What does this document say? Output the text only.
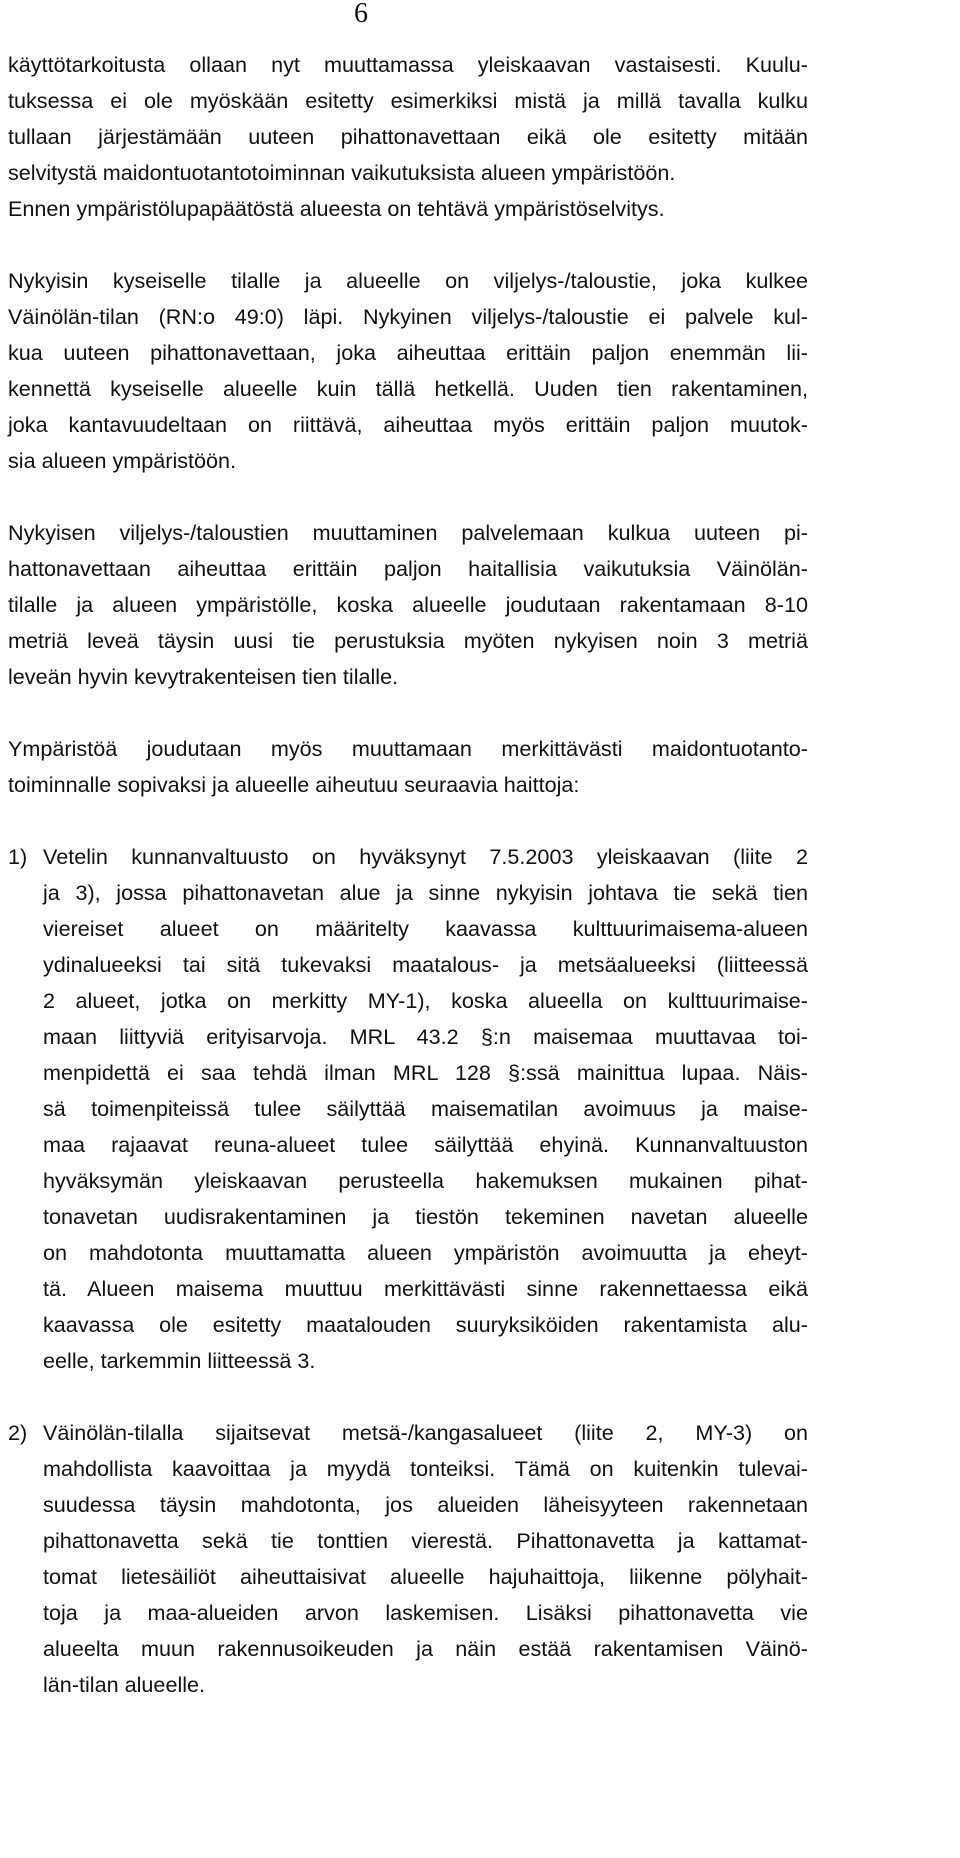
6
käyttötarkoitusta ollaan nyt muuttamassa yleiskaavan vastaisesti. Kuulu-
tuksessa ei ole myöskään esitetty esimerkiksi mistä ja millä tavalla kulku
tullaan järjestämään uuteen pihattonavettaan eikä ole esitetty mitään
selvitystä maidontuotantotoiminnan vaikutuksista alueen ympäristöön.
Ennen ympäristölupapäätöstä alueesta on tehtävä ympäristöselvitys.
Nykyisin kyseiselle tilalle ja alueelle on viljelys-/taloustie, joka kulkee
Väinölän-tilan (RN:o 49:0) läpi. Nykyinen viljelys-/taloustie ei palvele kul-
kua uuteen pihattonavettaan, joka aiheuttaa erittäin paljon enemmän lii-
kennettä kyseiselle alueelle kuin tällä hetkellä. Uuden tien rakentaminen,
joka kantavuudeltaan on riittävä, aiheuttaa myös erittäin paljon muutok-
sia alueen ympäristöön.
Nykyisen viljelys-/taloustien muuttaminen palvelemaan kulkua uuteen pi-
hattonavettaan aiheuttaa erittäin paljon haitallisia vaikutuksia Väinölän-
tilalle ja alueen ympäristölle, koska alueelle joudutaan rakentamaan 8-10
metriä leveä täysin uusi tie perustuksia myöten nykyisen noin 3 metriä
leveän hyvin kevytrakenteisen tien tilalle.
Ympäristöä joudutaan myös muuttamaan merkittävästi maidontuotanto-
toiminnalle sopivaksi ja alueelle aiheutuu seuraavia haittoja:
1) Vetelin kunnanvaltuusto on hyväksynyt 7.5.2003 yleiskaavan (liite 2
ja 3), jossa pihattonavetan alue ja sinne nykyisin johtava tie sekä tien
viereiset alueet on määritelty kaavassa kulttuurimaisema-alueen
ydinalueeksi tai sitä tukevaksi maatalous- ja metsäalueeksi (liitteessä
2 alueet, jotka on merkitty MY-1), koska alueella on kulttuurimaise-
maan liittyviä erityisarvoja. MRL 43.2 §:n maisemaa muuttavaa toi-
menpidettä ei saa tehdä ilman MRL 128 §:ssä mainittua lupaa. Näis-
sä toimenpiteissä tulee säilyttää maisematilan avoimuus ja maise-
maa rajaavat reuna-alueet tulee säilyttää ehyinä. Kunnanvaltuuston
hyväksymän yleiskaavan perusteella hakemuksen mukainen pihat-
tonavetan uudisrakentaminen ja tiestön tekeminen navetan alueelle
on mahdotonta muuttamatta alueen ympäristön avoimuutta ja eheyt-
tä. Alueen maisema muuttuu merkittävästi sinne rakennettaessa eikä
kaavassa ole esitetty maatalouden suuryksiköiden rakentamista alu-
eelle, tarkemmin liitteessä 3.
2) Väinölän-tilalla sijaitsevat metsä-/kangasalueet (liite 2, MY-3) on
mahdollista kaavoittaa ja myydä tonteiksi. Tämä on kuitenkin tulevai-
suudessa täysin mahdotonta, jos alueiden läheisyyteen rakennetaan
pihattonavetta sekä tie tonttien vierestä. Pihattonavetta ja kattamat-
tomat lietesäiliöt aiheuttaisivat alueelle hajuhaittoja, liikenne pölyhait-
toja ja maa-alueiden arvon laskemisen. Lisäksi pihattonavetta vie
alueelta muun rakennusoikeuden ja näin estää rakentamisen Väinö-
län-tilan alueelle.
